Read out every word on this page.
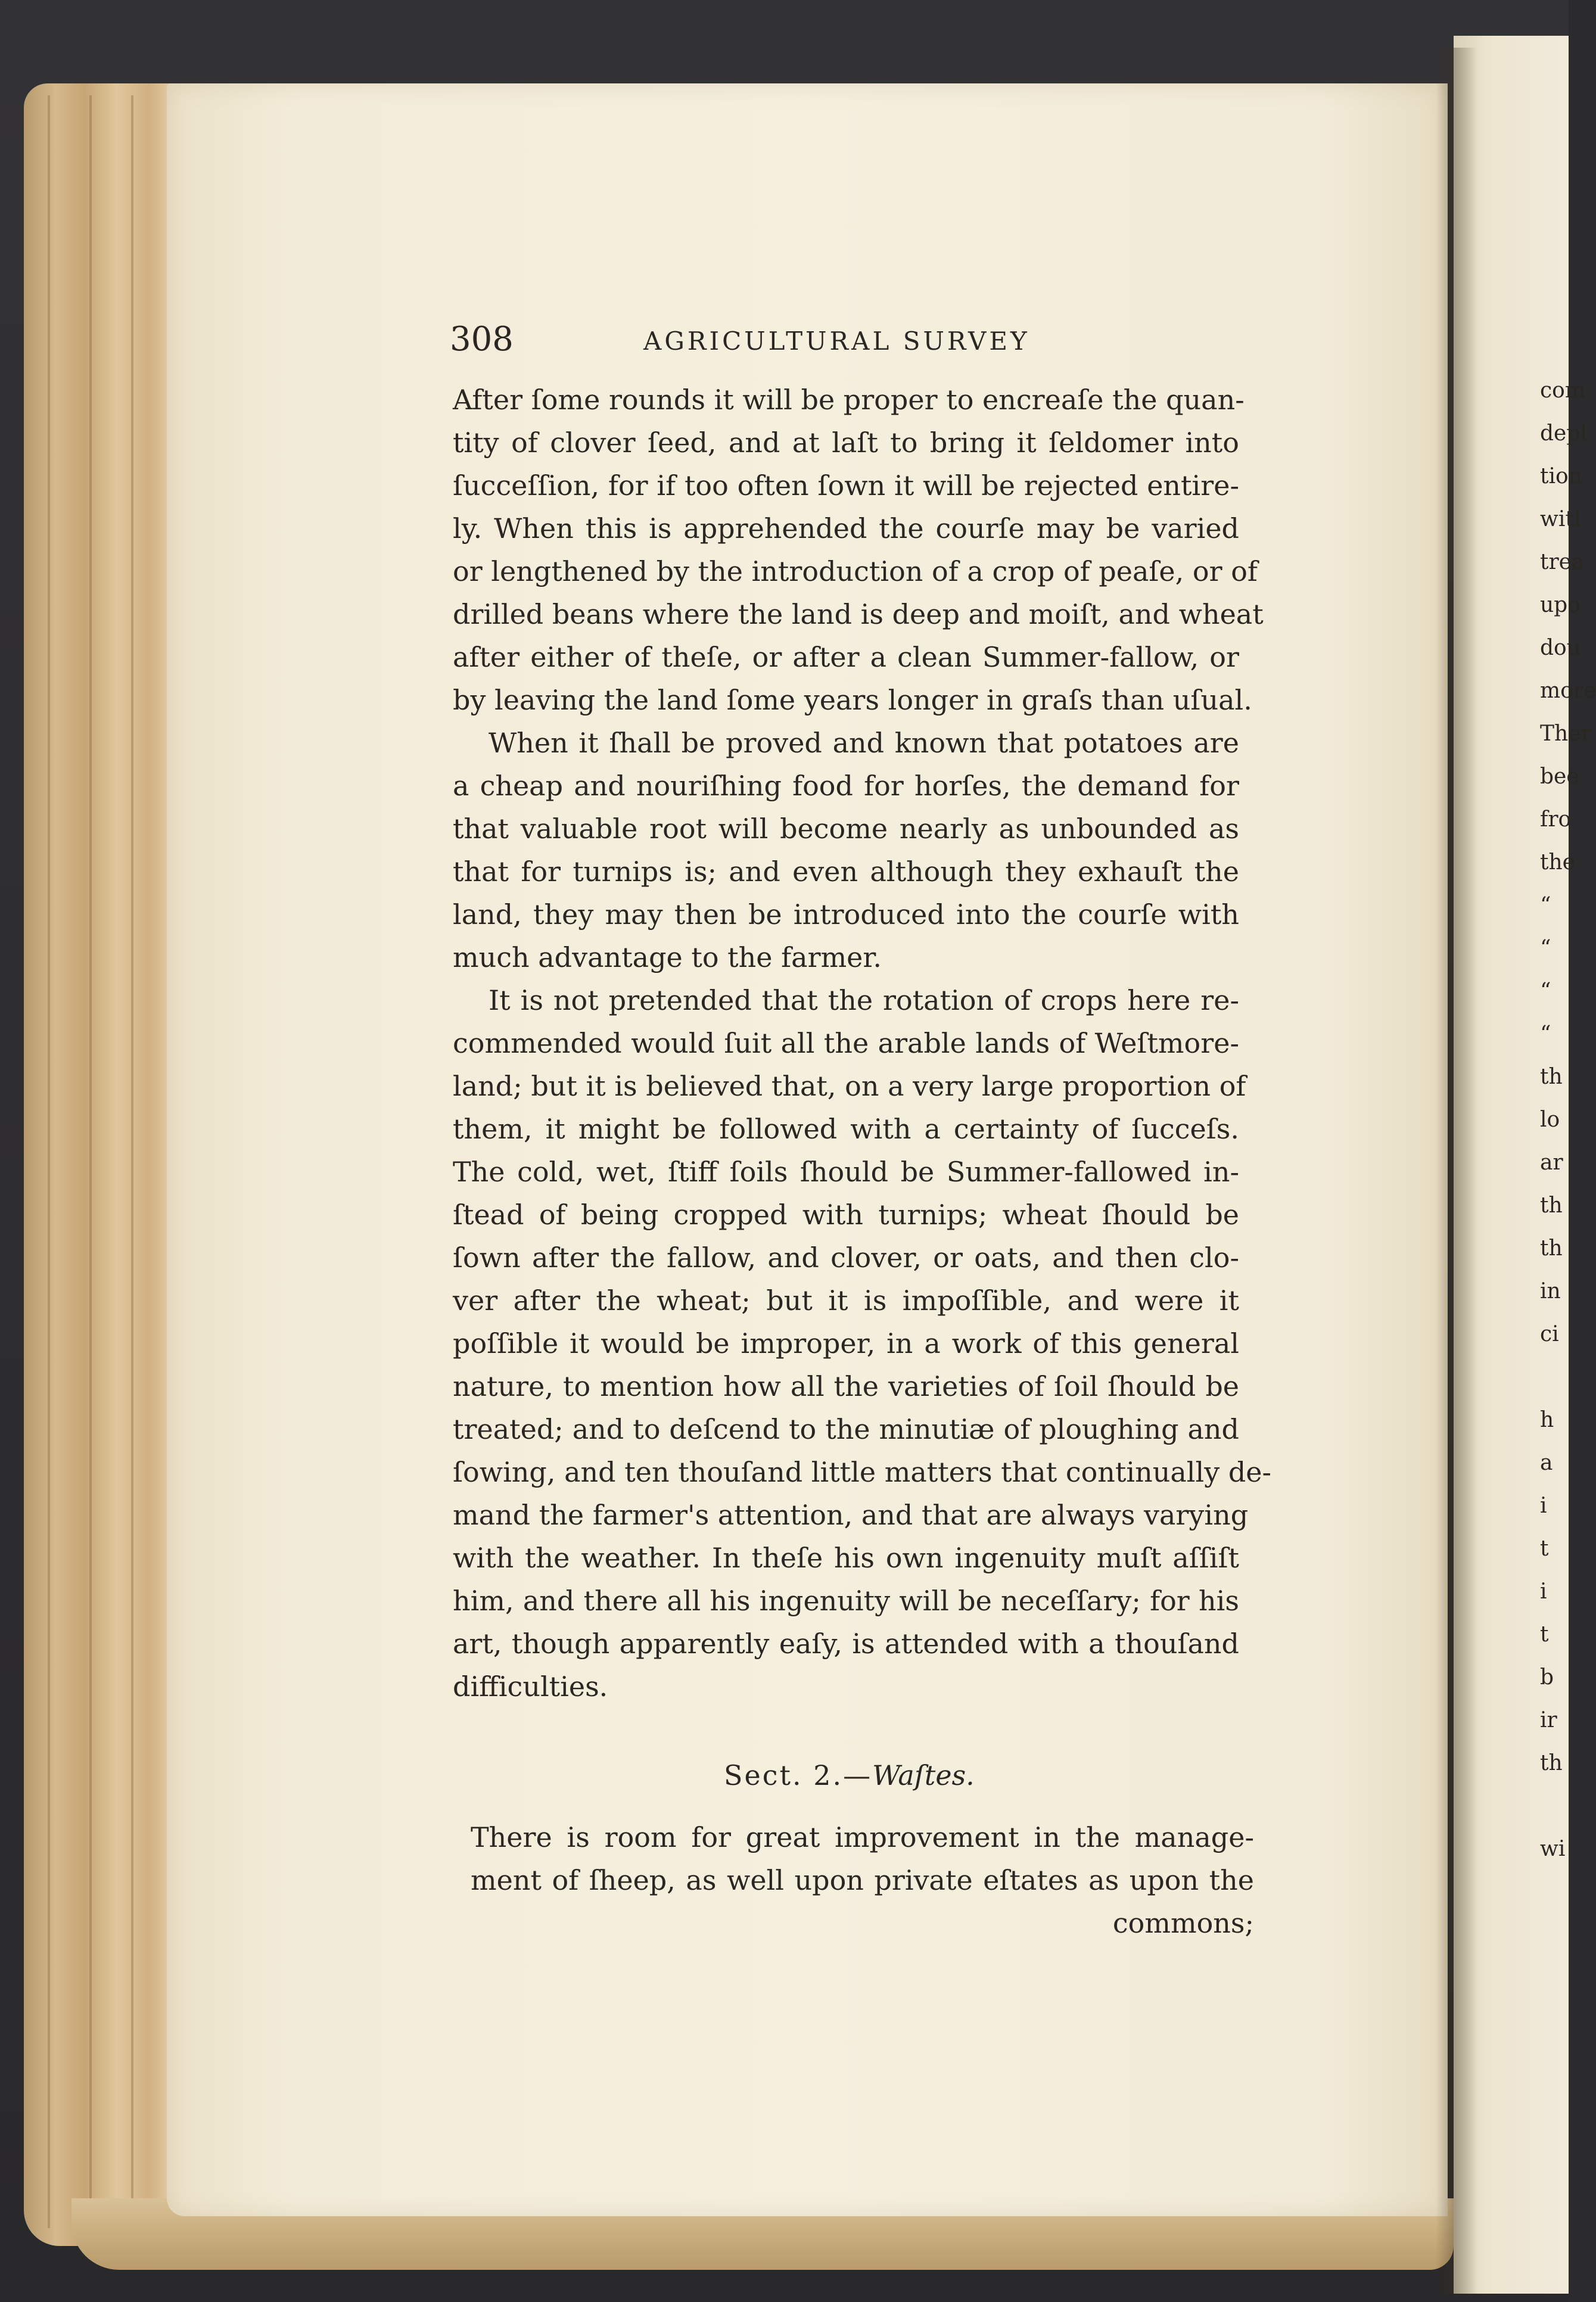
308	AGRICULTURAL SURVEY
After ſome rounds it will be proper to encreaſe the quan-
tity of clover ſeed, and at laſt to bring it ſeldomer into
ſucceſſion, for if too often ſown it will be rejected entire-
ly. When this is apprehended the courſe may be varied
or lengthened by the introduction of a crop of peaſe, or of
drilled beans where the land is deep and moiſt, and wheat
after either of theſe, or after a clean Summer-fallow, or
by leaving the land ſome years longer in graſs than uſual.
When it ſhall be proved and known that potatoes are
a cheap and nouriſhing food for horſes, the demand for
that valuable root will become nearly as unbounded as
that for turnips is; and even although they exhauſt the
land, they may then be introduced into the courſe with
much advantage to the farmer.
It is not pretended that the rotation of crops here re-
commended would ſuit all the arable lands of Weſtmore-
land; but it is believed that, on a very large proportion of
them, it might be followed with a certainty of ſucceſs.
The cold, wet, ſtiff ſoils ſhould be Summer-fallowed in-
ſtead of being cropped with turnips; wheat ſhould be
ſown after the fallow, and clover, or oats, and then clo-
ver after the wheat; but it is impoſſible, and were it
poſſible it would be improper, in a work of this general
nature, to mention how all the varieties of ſoil ſhould be
treated; and to deſcend to the minutiæ of ploughing and
ſowing, and ten thouſand little matters that continually de-
mand the farmer's attention, and that are always varying
with the weather. In theſe his own ingenuity muſt aſſiſt
him, and there all his ingenuity will be neceſſary; for his
art, though apparently eaſy, is attended with a thouſand
difficulties.
Sect. 2.—Waſtes.
There is room for great improvement in the manage-
ment of ſheep, as well upon private eſtates as upon the
commons;
com
depl
tion
witl
trea
upo
dou
more
Ther
bee
fro
the
“
“
“
“
th
lo
ar
th
th
in
ci
h
a
i
t
i
t
b
ir
th
wi
